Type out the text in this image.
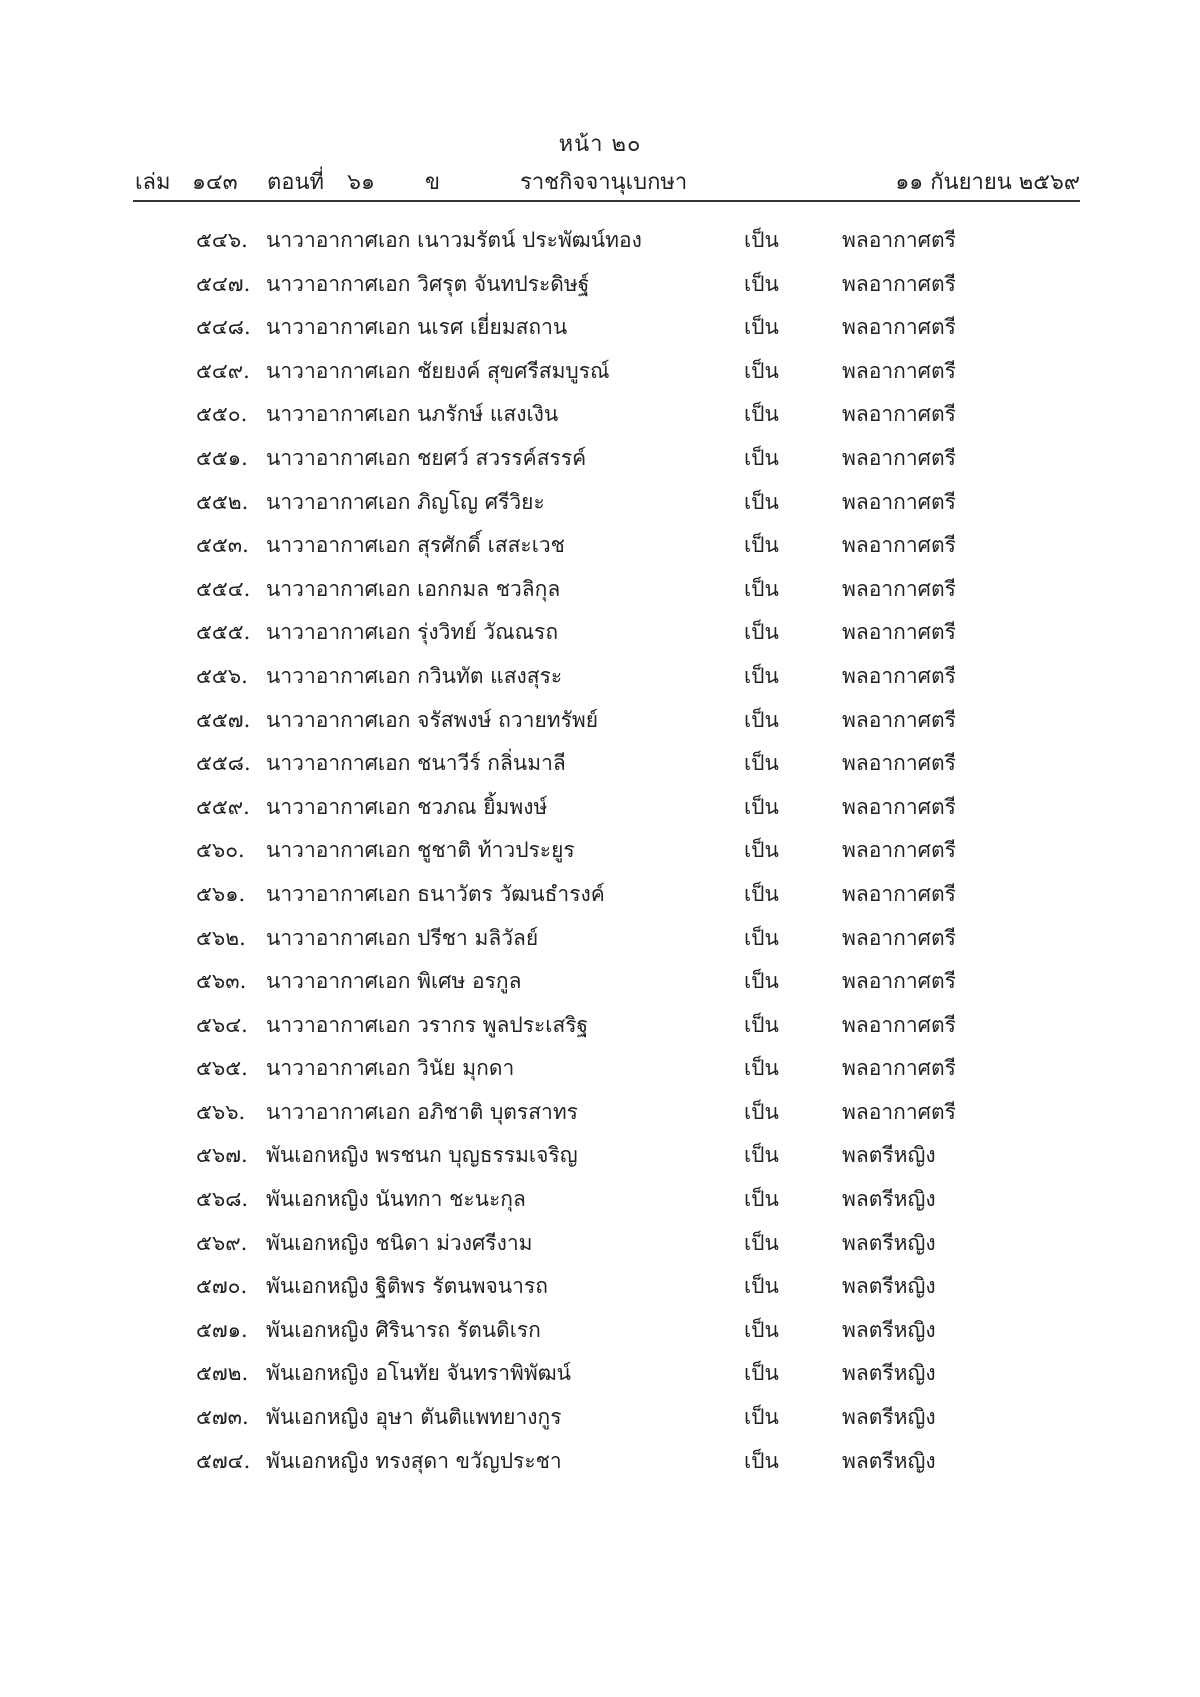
หน้า ๒๐
เล่ม ๑๔๓ ตอนที่ ๖๑ ข	ราชกิจจานุเบกษา	๑๑ กันยายน ๒๕๖๙
๕๔๖. นาวาอากาศเอก เนาวมรัตน์ ประพัฒน์ทอง	เป็น	พลอากาศตรี
๕๔๗. นาวาอากาศเอก วิศรุต จันทประดิษฐ์	เป็น	พลอากาศตรี
๕๔๘. นาวาอากาศเอก นเรศ เยี่ยมสถาน	เป็น	พลอากาศตรี
๕๔๙. นาวาอากาศเอก ชัยยงค์ สุขศรีสมบูรณ์	เป็น	พลอากาศตรี
๕๕๐. นาวาอากาศเอก นภรักษ์ แสงเงิน	เป็น	พลอากาศตรี
๕๕๑. นาวาอากาศเอก ชยศว์ สวรรค์สรรค์	เป็น	พลอากาศตรี
๕๕๒. นาวาอากาศเอก ภิญโญ ศรีวิยะ	เป็น	พลอากาศตรี
๕๕๓. นาวาอากาศเอก สุรศักดิ์ เสสะเวช	เป็น	พลอากาศตรี
๕๕๔. นาวาอากาศเอก เอกกมล ชวลิกุล	เป็น	พลอากาศตรี
๕๕๕. นาวาอากาศเอก รุ่งวิทย์ วัณณรถ	เป็น	พลอากาศตรี
๕๕๖. นาวาอากาศเอก กวินทัต แสงสุระ	เป็น	พลอากาศตรี
๕๕๗. นาวาอากาศเอก จรัสพงษ์ ถวายทรัพย์	เป็น	พลอากาศตรี
๕๕๘. นาวาอากาศเอก ชนาวีร์ กลิ่นมาลี	เป็น	พลอากาศตรี
๕๕๙. นาวาอากาศเอก ชวภณ ยิ้มพงษ์	เป็น	พลอากาศตรี
๕๖๐. นาวาอากาศเอก ชูชาติ ท้าวประยูร	เป็น	พลอากาศตรี
๕๖๑. นาวาอากาศเอก ธนาวัตร วัฒนธำรงค์	เป็น	พลอากาศตรี
๕๖๒. นาวาอากาศเอก ปรีชา มลิวัลย์	เป็น	พลอากาศตรี
๕๖๓. นาวาอากาศเอก พิเศษ อรกูล	เป็น	พลอากาศตรี
๕๖๔. นาวาอากาศเอก วรากร พูลประเสริฐ	เป็น	พลอากาศตรี
๕๖๕. นาวาอากาศเอก วินัย มุกดา	เป็น	พลอากาศตรี
๕๖๖. นาวาอากาศเอก อภิชาติ บุตรสาทร	เป็น	พลอากาศตรี
๕๖๗. พันเอกหญิง พรชนก บุญธรรมเจริญ	เป็น	พลตรีหญิง
๕๖๘. พันเอกหญิง นันทกา ชะนะกุล	เป็น	พลตรีหญิง
๕๖๙. พันเอกหญิง ชนิดา ม่วงศรีงาม	เป็น	พลตรีหญิง
๕๗๐. พันเอกหญิง ฐิติพร รัตนพจนารถ	เป็น	พลตรีหญิง
๕๗๑. พันเอกหญิง ศิรินารถ รัตนดิเรก	เป็น	พลตรีหญิง
๕๗๒. พันเอกหญิง อโนทัย จันทราพิพัฒน์	เป็น	พลตรีหญิง
๕๗๓. พันเอกหญิง อุษา ตันติแพทยางกูร	เป็น	พลตรีหญิง
๕๗๔. พันเอกหญิง ทรงสุดา ขวัญประชา	เป็น	พลตรีหญิง
